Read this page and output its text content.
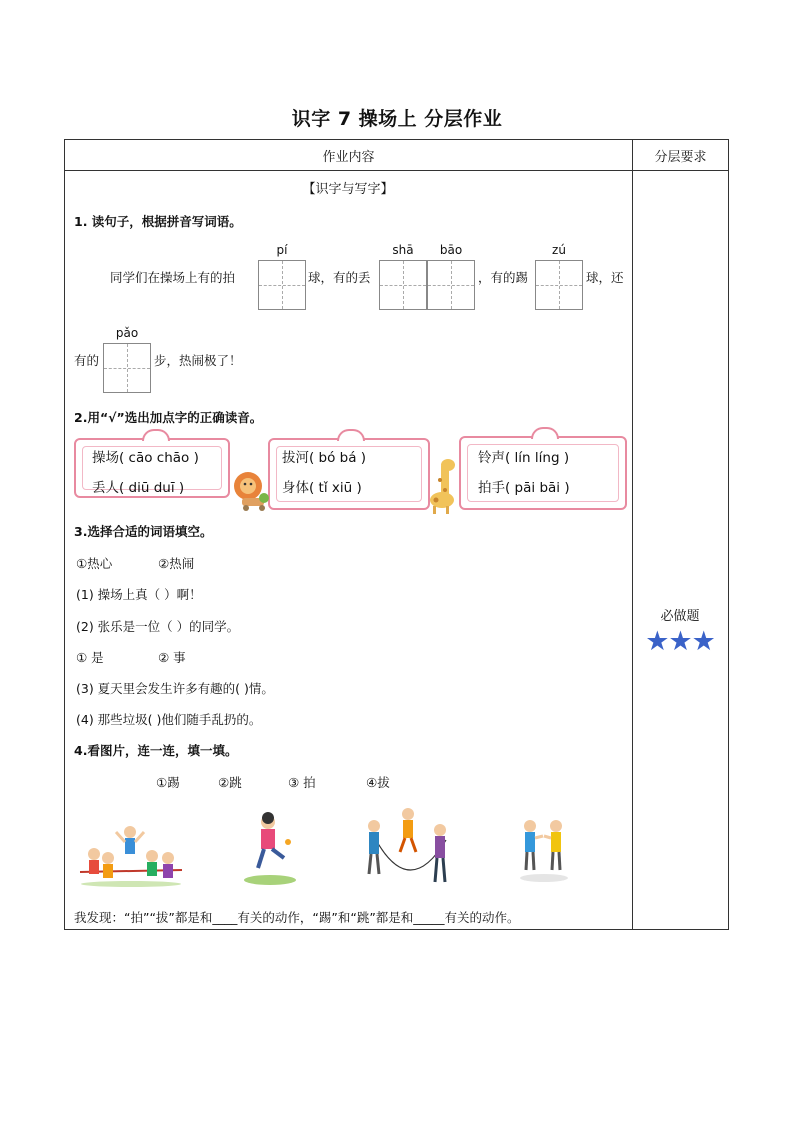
识字 7 操场上 分层作业
作业内容	分层要求

必做题
★★★
【识字与写字】
1. 读句子，根据拼音写词语。
pí	shā	bāo	zú
同学们在操场上有的拍	球，有的丢	，有的踢	球，还
pǎo
有的	步，热闹极了！
2.用“√”选出加点字的正确读音。
操场( cāo chāo )
丢人( diū duī )
拔河( bó bá )
身体( tǐ xiū )
铃声( lín líng )
拍手( pāi bāi )
3.选择合适的词语填空。
①热心	②热闹
(1) 操场上真（ ）啊！
(2) 张乐是一位（ ）的同学。
① 是	② 事
(3) 夏天里会发生许多有趣的( )情。
(4) 那些垃圾( )他们随手乱扔的。
4.看图片，连一连，填一填。
①踢	②跳	③ 拍	④拔
我发现：“拍”“拔”都是和____有关的动作，“踢”和“跳”都是和_____有关的动作。
